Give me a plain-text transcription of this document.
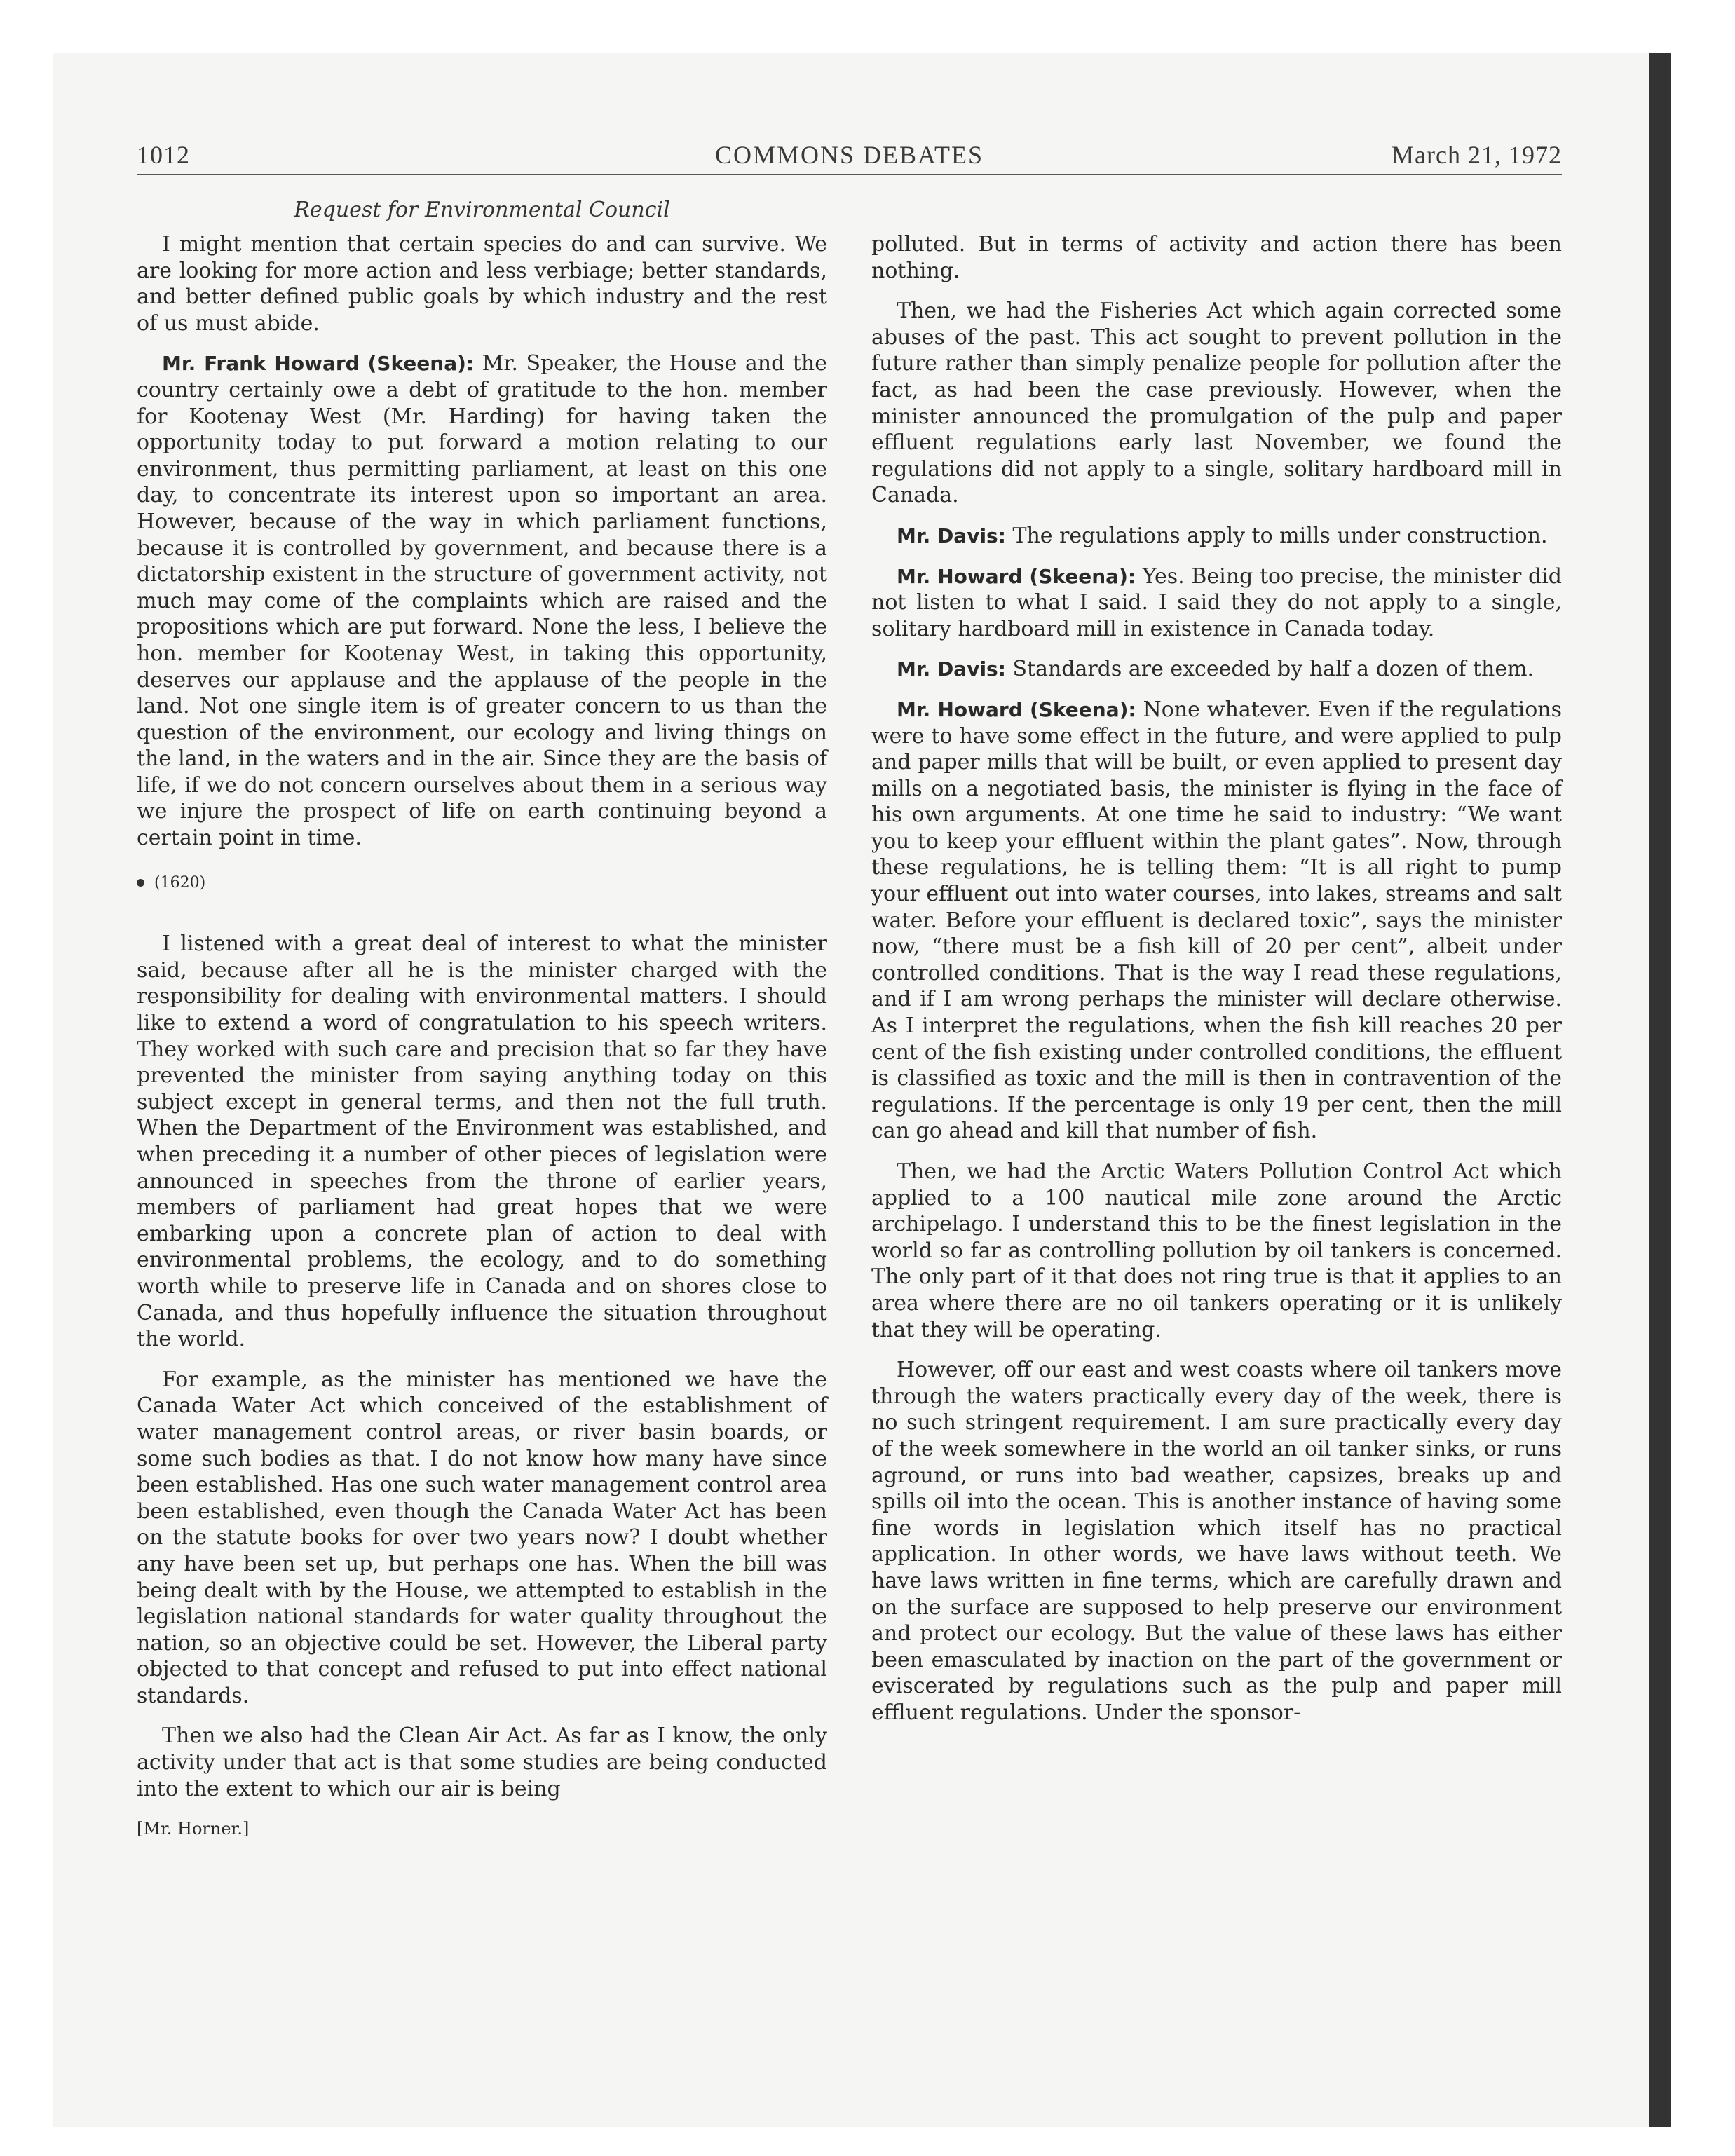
1012	COMMONS DEBATES	March 21, 1972
Request for Environmental Council

I might mention that certain species do and can survive. We are looking for more action and less verbiage; better standards, and better defined public goals by which industry and the rest of us must abide.

Mr. Frank Howard (Skeena): Mr. Speaker, the House and the country certainly owe a debt of gratitude to the hon. member for Kootenay West (Mr. Harding) for having taken the opportunity today to put forward a motion relating to our environment, thus permitting parliament, at least on this one day, to concentrate its interest upon so important an area. However, because of the way in which parliament functions, because it is controlled by government, and because there is a dictatorship existent in the structure of government activity, not much may come of the complaints which are raised and the propositions which are put forward. None the less, I believe the hon. member for Kootenay West, in taking this opportunity, deserves our applause and the applause of the people in the land. Not one single item is of greater concern to us than the question of the environment, our ecology and living things on the land, in the waters and in the air. Since they are the basis of life, if we do not concern ourselves about them in a serious way we injure the prospect of life on earth continuing beyond a certain point in time.

(1620)

I listened with a great deal of interest to what the minister said, because after all he is the minister charged with the responsibility for dealing with environmental matters. I should like to extend a word of congratulation to his speech writers. They worked with such care and precision that so far they have prevented the minister from saying anything today on this subject except in general terms, and then not the full truth. When the Department of the Environment was established, and when preceding it a number of other pieces of legislation were announced in speeches from the throne of earlier years, members of parliament had great hopes that we were embarking upon a concrete plan of action to deal with environmental problems, the ecology, and to do something worth while to preserve life in Canada and on shores close to Canada, and thus hopefully influence the situation throughout the world.

For example, as the minister has mentioned we have the Canada Water Act which conceived of the establishment of water management control areas, or river basin boards, or some such bodies as that. I do not know how many have since been established. Has one such water management control area been established, even though the Canada Water Act has been on the statute books for over two years now? I doubt whether any have been set up, but perhaps one has. When the bill was being dealt with by the House, we attempted to establish in the legislation national standards for water quality throughout the nation, so an objective could be set. However, the Liberal party objected to that concept and refused to put into effect national standards.

Then we also had the Clean Air Act. As far as I know, the only activity under that act is that some studies are being conducted into the extent to which our air is being

[Mr. Horner.]

polluted. But in terms of activity and action there has been nothing.

Then, we had the Fisheries Act which again corrected some abuses of the past. This act sought to prevent pollution in the future rather than simply penalize people for pollution after the fact, as had been the case previously. However, when the minister announced the promulgation of the pulp and paper effluent regulations early last November, we found the regulations did not apply to a single, solitary hardboard mill in Canada.

Mr. Davis: The regulations apply to mills under construction.

Mr. Howard (Skeena): Yes. Being too precise, the minister did not listen to what I said. I said they do not apply to a single, solitary hardboard mill in existence in Canada today.

Mr. Davis: Standards are exceeded by half a dozen of them.

Mr. Howard (Skeena): None whatever. Even if the regulations were to have some effect in the future, and were applied to pulp and paper mills that will be built, or even applied to present day mills on a negotiated basis, the minister is flying in the face of his own arguments. At one time he said to industry: “We want you to keep your effluent within the plant gates”. Now, through these regulations, he is telling them: “It is all right to pump your effluent out into water courses, into lakes, streams and salt water. Before your effluent is declared toxic”, says the minister now, “there must be a fish kill of 20 per cent”, albeit under controlled conditions. That is the way I read these regulations, and if I am wrong perhaps the minister will declare otherwise. As I interpret the regulations, when the fish kill reaches 20 per cent of the fish existing under controlled conditions, the effluent is classified as toxic and the mill is then in contravention of the regulations. If the percentage is only 19 per cent, then the mill can go ahead and kill that number of fish.

Then, we had the Arctic Waters Pollution Control Act which applied to a 100 nautical mile zone around the Arctic archipelago. I understand this to be the finest legislation in the world so far as controlling pollution by oil tankers is concerned. The only part of it that does not ring true is that it applies to an area where there are no oil tankers operating or it is unlikely that they will be operating.

However, off our east and west coasts where oil tankers move through the waters practically every day of the week, there is no such stringent requirement. I am sure practically every day of the week somewhere in the world an oil tanker sinks, or runs aground, or runs into bad weather, capsizes, breaks up and spills oil into the ocean. This is another instance of having some fine words in legislation which itself has no practical application. In other words, we have laws without teeth. We have laws written in fine terms, which are carefully drawn and on the surface are supposed to help preserve our environment and protect our ecology. But the value of these laws has either been emasculated by inaction on the part of the government or eviscerated by regulations such as the pulp and paper mill effluent regulations. Under the sponsor-
